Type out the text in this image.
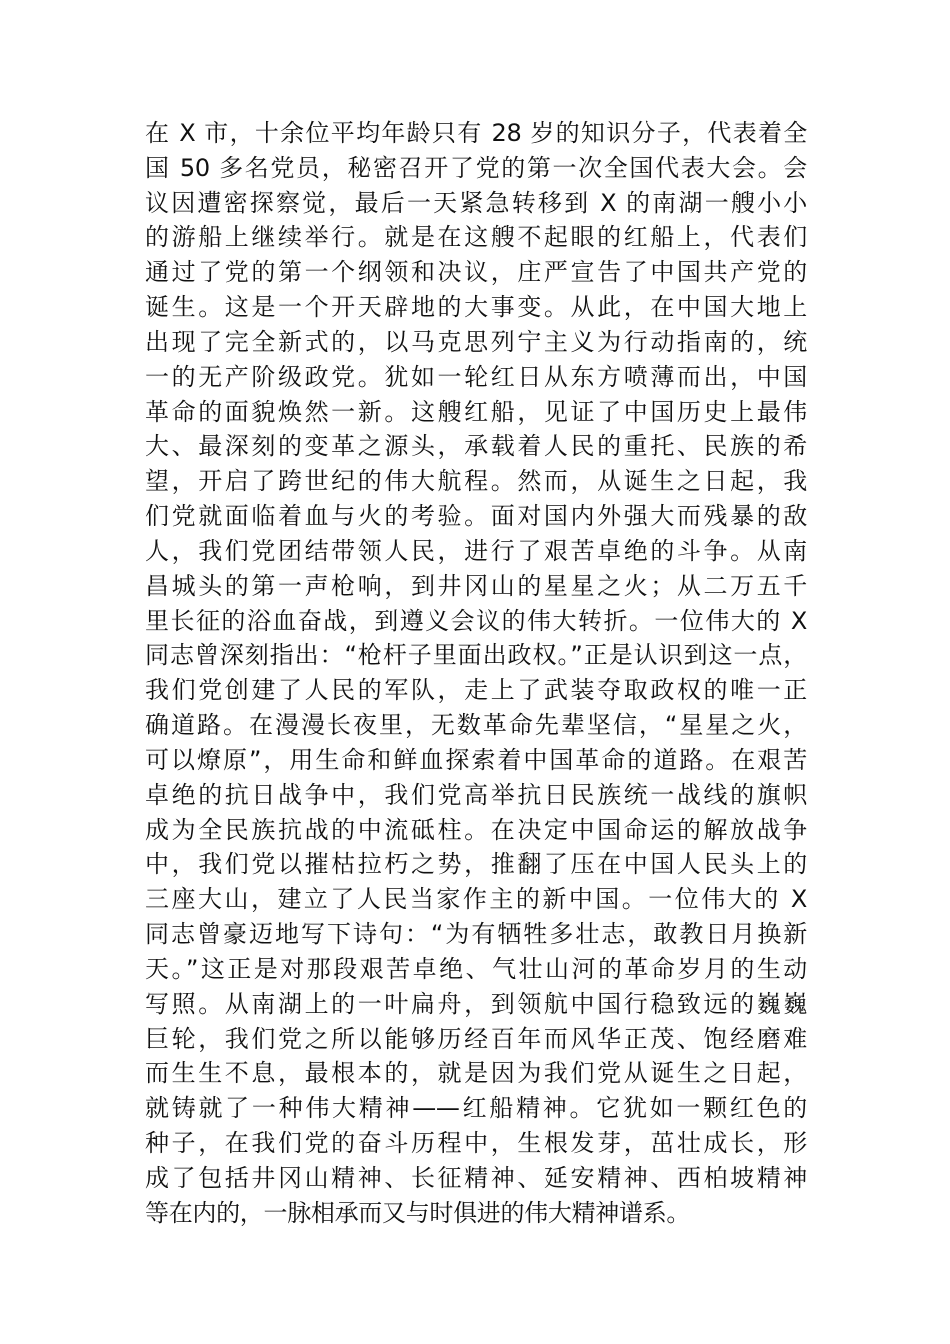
在 X 市，十余位平均年龄只有 28 岁的知识分子，代表着全
国 50 多名党员，秘密召开了党的第一次全国代表大会。会
议因遭密探察觉，最后一天紧急转移到 X 的南湖一艘小小
的游船上继续举行。就是在这艘不起眼的红船上，代表们
通过了党的第一个纲领和决议，庄严宣告了中国共产党的
诞生。这是一个开天辟地的大事变。从此，在中国大地上
出现了完全新式的，以马克思列宁主义为行动指南的，统
一的无产阶级政党。犹如一轮红日从东方喷薄而出，中国
革命的面貌焕然一新。这艘红船，见证了中国历史上最伟
大、最深刻的变革之源头，承载着人民的重托、民族的希
望，开启了跨世纪的伟大航程。然而，从诞生之日起，我
们党就面临着血与火的考验。面对国内外强大而残暴的敌
人，我们党团结带领人民，进行了艰苦卓绝的斗争。从南
昌城头的第一声枪响，到井冈山的星星之火；从二万五千
里长征的浴血奋战，到遵义会议的伟大转折。一位伟大的 X
同志曾深刻指出：“枪杆子里面出政权。”正是认识到这一点，
我们党创建了人民的军队，走上了武装夺取政权的唯一正
确道路。在漫漫长夜里，无数革命先辈坚信，“星星之火，
可以燎原”，用生命和鲜血探索着中国革命的道路。在艰苦
卓绝的抗日战争中，我们党高举抗日民族统一战线的旗帜
成为全民族抗战的中流砥柱。在决定中国命运的解放战争
中，我们党以摧枯拉朽之势，推翻了压在中国人民头上的
三座大山，建立了人民当家作主的新中国。一位伟大的 X
同志曾豪迈地写下诗句：“为有牺牲多壮志，敢教日月换新
天。”这正是对那段艰苦卓绝、气壮山河的革命岁月的生动
写照。从南湖上的一叶扁舟，到领航中国行稳致远的巍巍
巨轮，我们党之所以能够历经百年而风华正茂、饱经磨难
而生生不息，最根本的，就是因为我们党从诞生之日起，
就铸就了一种伟大精神——红船精神。它犹如一颗红色的
种子，在我们党的奋斗历程中，生根发芽，茁壮成长，形
成了包括井冈山精神、长征精神、延安精神、西柏坡精神
等在内的，一脉相承而又与时俱进的伟大精神谱系。
